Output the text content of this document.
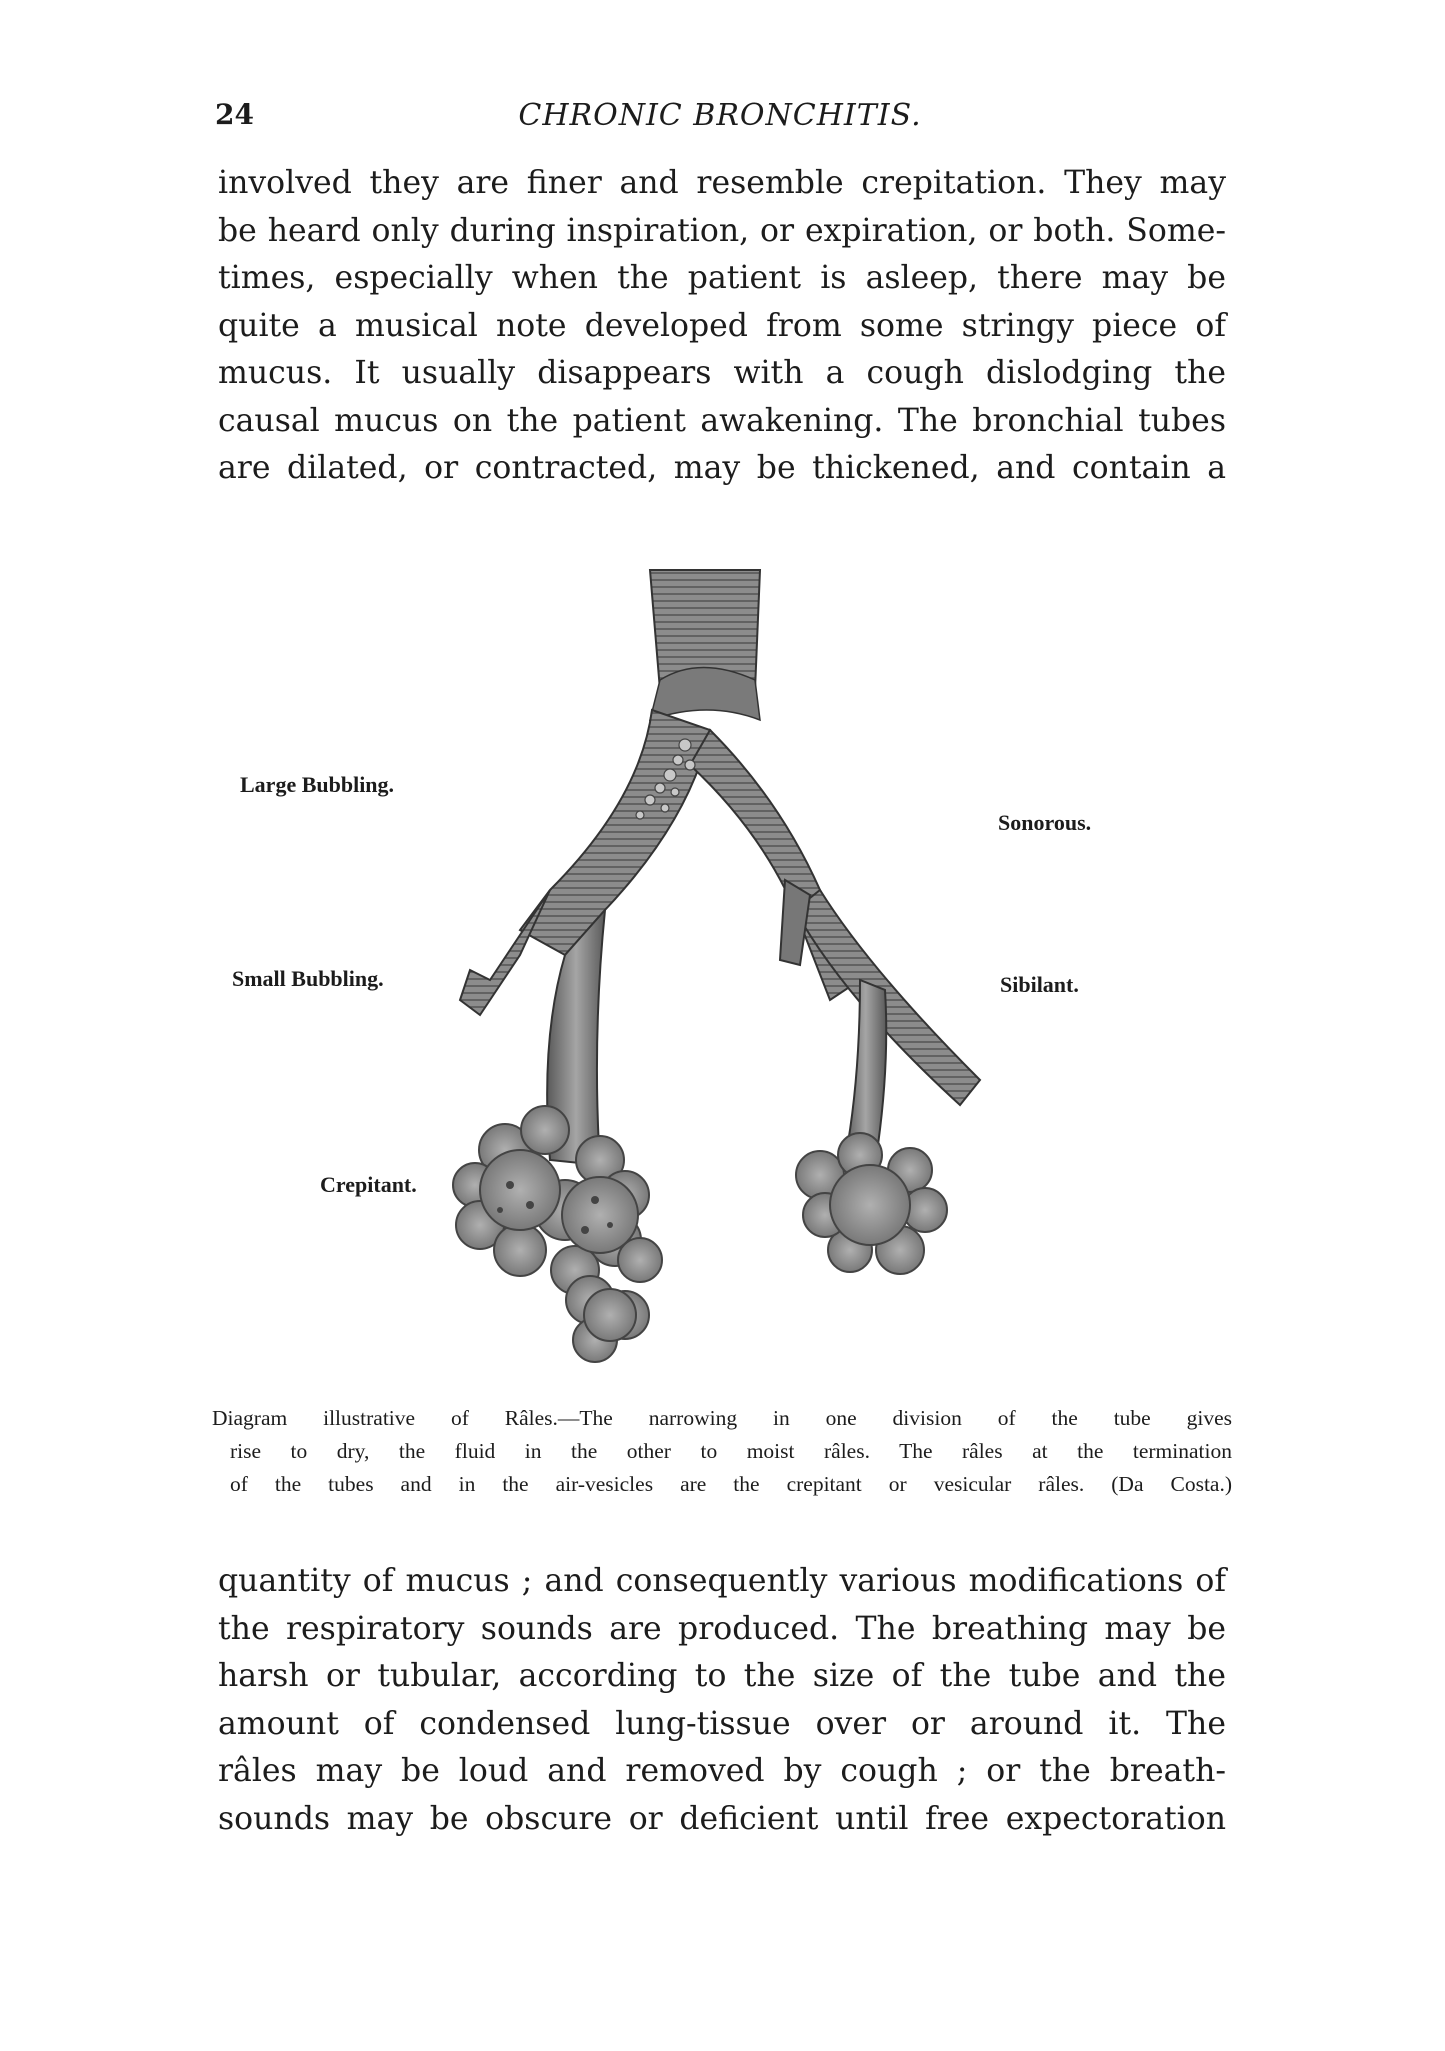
24	CHRONIC BRONCHITIS.

involved they are finer and resemble crepitation. They may
be heard only during inspiration, or expiration, or both. Some-
times, especially when the patient is asleep, there may be
quite a musical note developed from some stringy piece of
mucus. It usually disappears with a cough dislodging the
causal mucus on the patient awakening. The bronchial tubes
are dilated, or contracted, may be thickened, and contain a

Large Bubbling.
Small Bubbling.
Crepitant.
Sonorous.
Sibilant.
Diagram illustrative of Râles.—The narrowing in one division of the tube gives
rise to dry, the fluid in the other to moist râles. The râles at the termination
of the tubes and in the air-vesicles are the crepitant or vesicular râles. (Da Costa.)

quantity of mucus ; and consequently various modifications of
the respiratory sounds are produced. The breathing may be
harsh or tubular, according to the size of the tube and the
amount of condensed lung-tissue over or around it. The
râles may be loud and removed by cough ; or the breath-
sounds may be obscure or deficient until free expectoration
